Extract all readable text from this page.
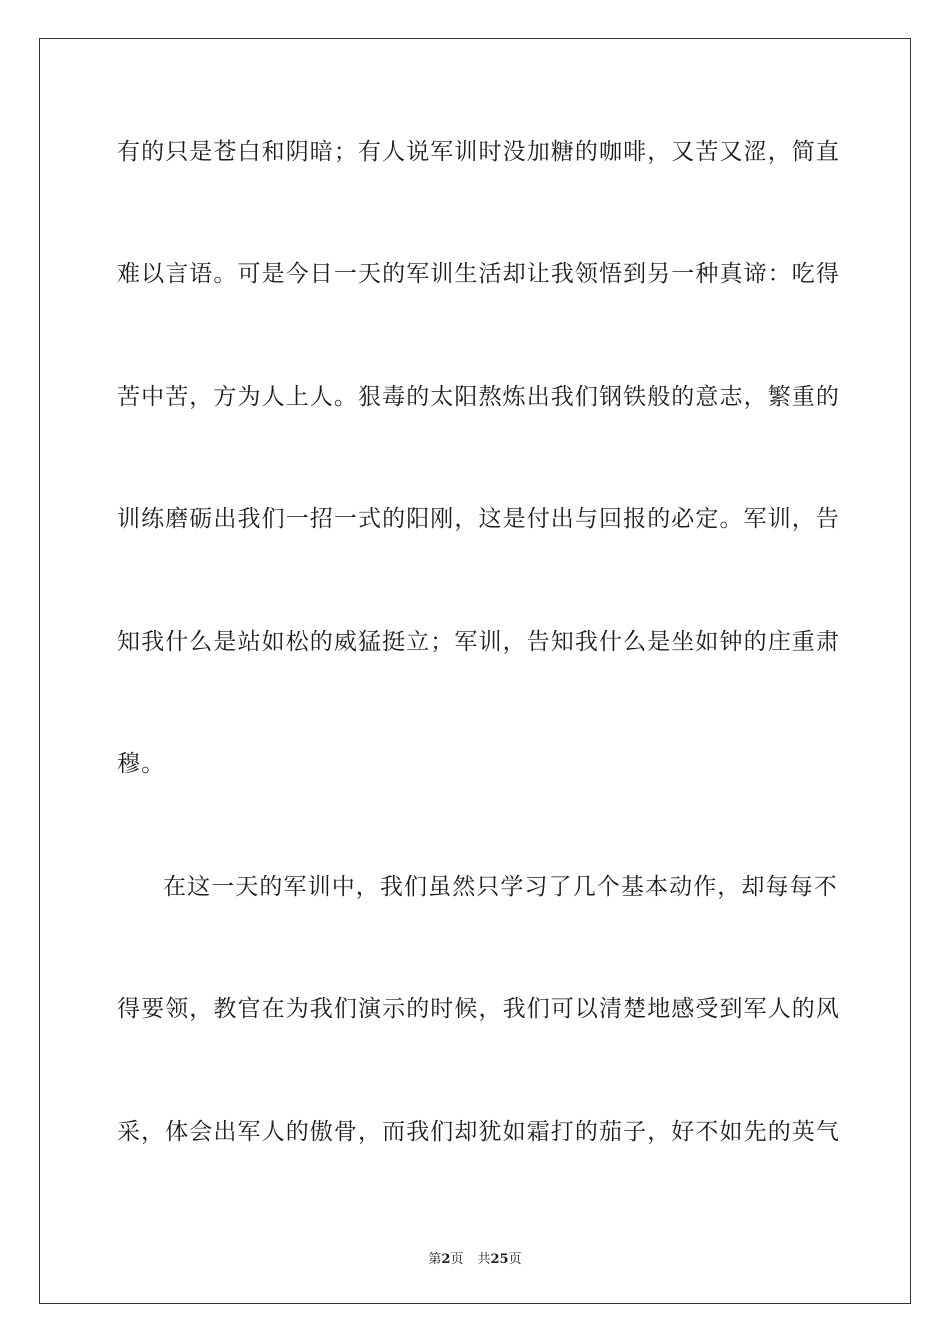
有的只是苍白和阴暗；有人说军训时没加糖的咖啡，又苦又涩，简直
难以言语。可是今日一天的军训生活却让我领悟到另一种真谛：吃得
苦中苦，方为人上人。狠毒的太阳熬炼出我们钢铁般的意志，繁重的
训练磨砺出我们一招一式的阳刚，这是付出与回报的必定。军训，告
知我什么是站如松的威猛挺立；军训，告知我什么是坐如钟的庄重肃
穆。
在这一天的军训中，我们虽然只学习了几个基本动作，却每每不
得要领，教官在为我们演示的时候，我们可以清楚地感受到军人的风
采，体会出军人的傲骨，而我们却犹如霜打的茄子，好不如先的英气
第2页 共25页
